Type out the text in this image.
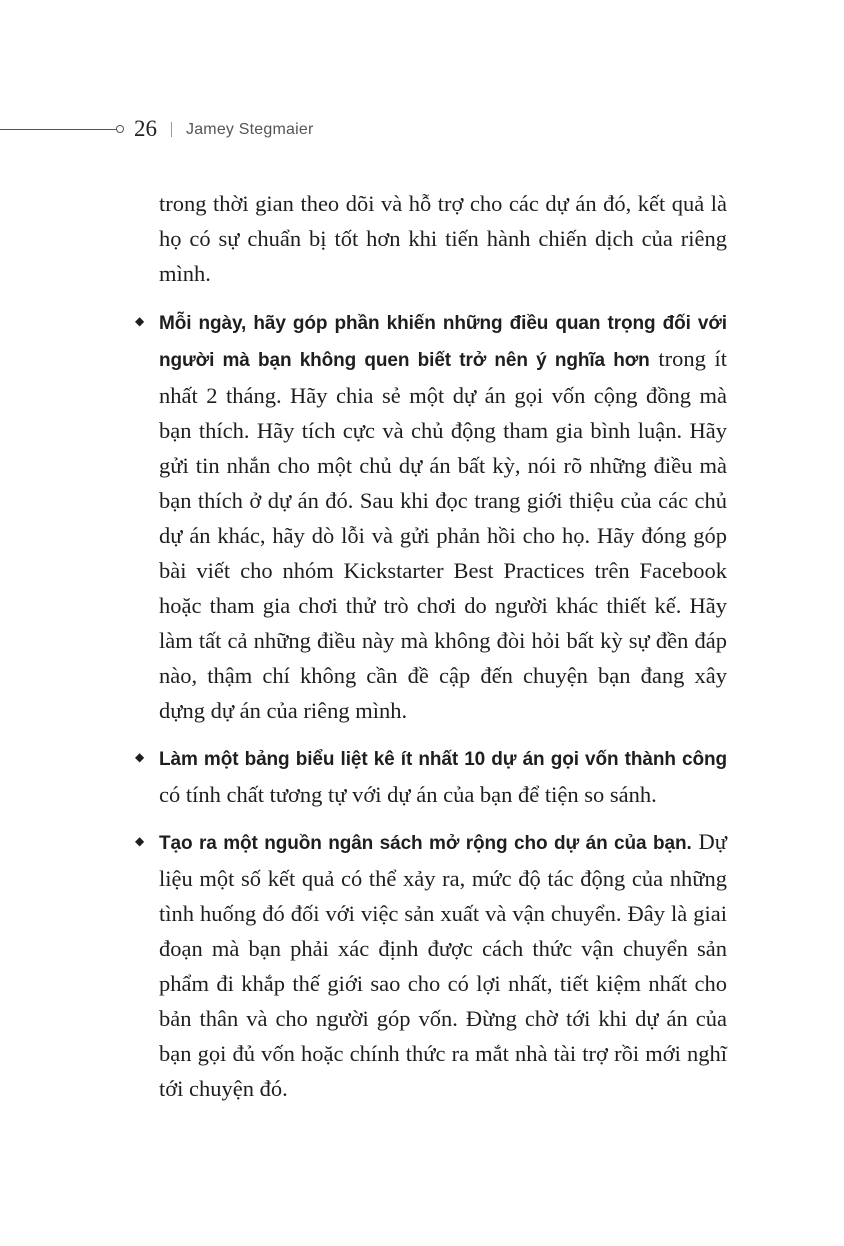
26 Jamey Stegmaier

trong thời gian theo dõi và hỗ trợ cho các dự án đó, kết quả là họ có sự chuẩn bị tốt hơn khi tiến hành chiến dịch của riêng mình.

◆ Mỗi ngày, hãy góp phần khiến những điều quan trọng đối với người mà bạn không quen biết trở nên ý nghĩa hơn trong ít nhất 2 tháng. Hãy chia sẻ một dự án gọi vốn cộng đồng mà bạn thích. Hãy tích cực và chủ động tham gia bình luận. Hãy gửi tin nhắn cho một chủ dự án bất kỳ, nói rõ những điều mà bạn thích ở dự án đó. Sau khi đọc trang giới thiệu của các chủ dự án khác, hãy dò lỗi và gửi phản hồi cho họ. Hãy đóng góp bài viết cho nhóm Kickstarter Best Practices trên Facebook hoặc tham gia chơi thử trò chơi do người khác thiết kế. Hãy làm tất cả những điều này mà không đòi hỏi bất kỳ sự đền đáp nào, thậm chí không cần đề cập đến chuyện bạn đang xây dựng dự án của riêng mình.

◆ Làm một bảng biểu liệt kê ít nhất 10 dự án gọi vốn thành công có tính chất tương tự với dự án của bạn để tiện so sánh.

◆ Tạo ra một nguồn ngân sách mở rộng cho dự án của bạn. Dự liệu một số kết quả có thể xảy ra, mức độ tác động của những tình huống đó đối với việc sản xuất và vận chuyển. Đây là giai đoạn mà bạn phải xác định được cách thức vận chuyển sản phẩm đi khắp thế giới sao cho có lợi nhất, tiết kiệm nhất cho bản thân và cho người góp vốn. Đừng chờ tới khi dự án của bạn gọi đủ vốn hoặc chính thức ra mắt nhà tài trợ rồi mới nghĩ tới chuyện đó.
